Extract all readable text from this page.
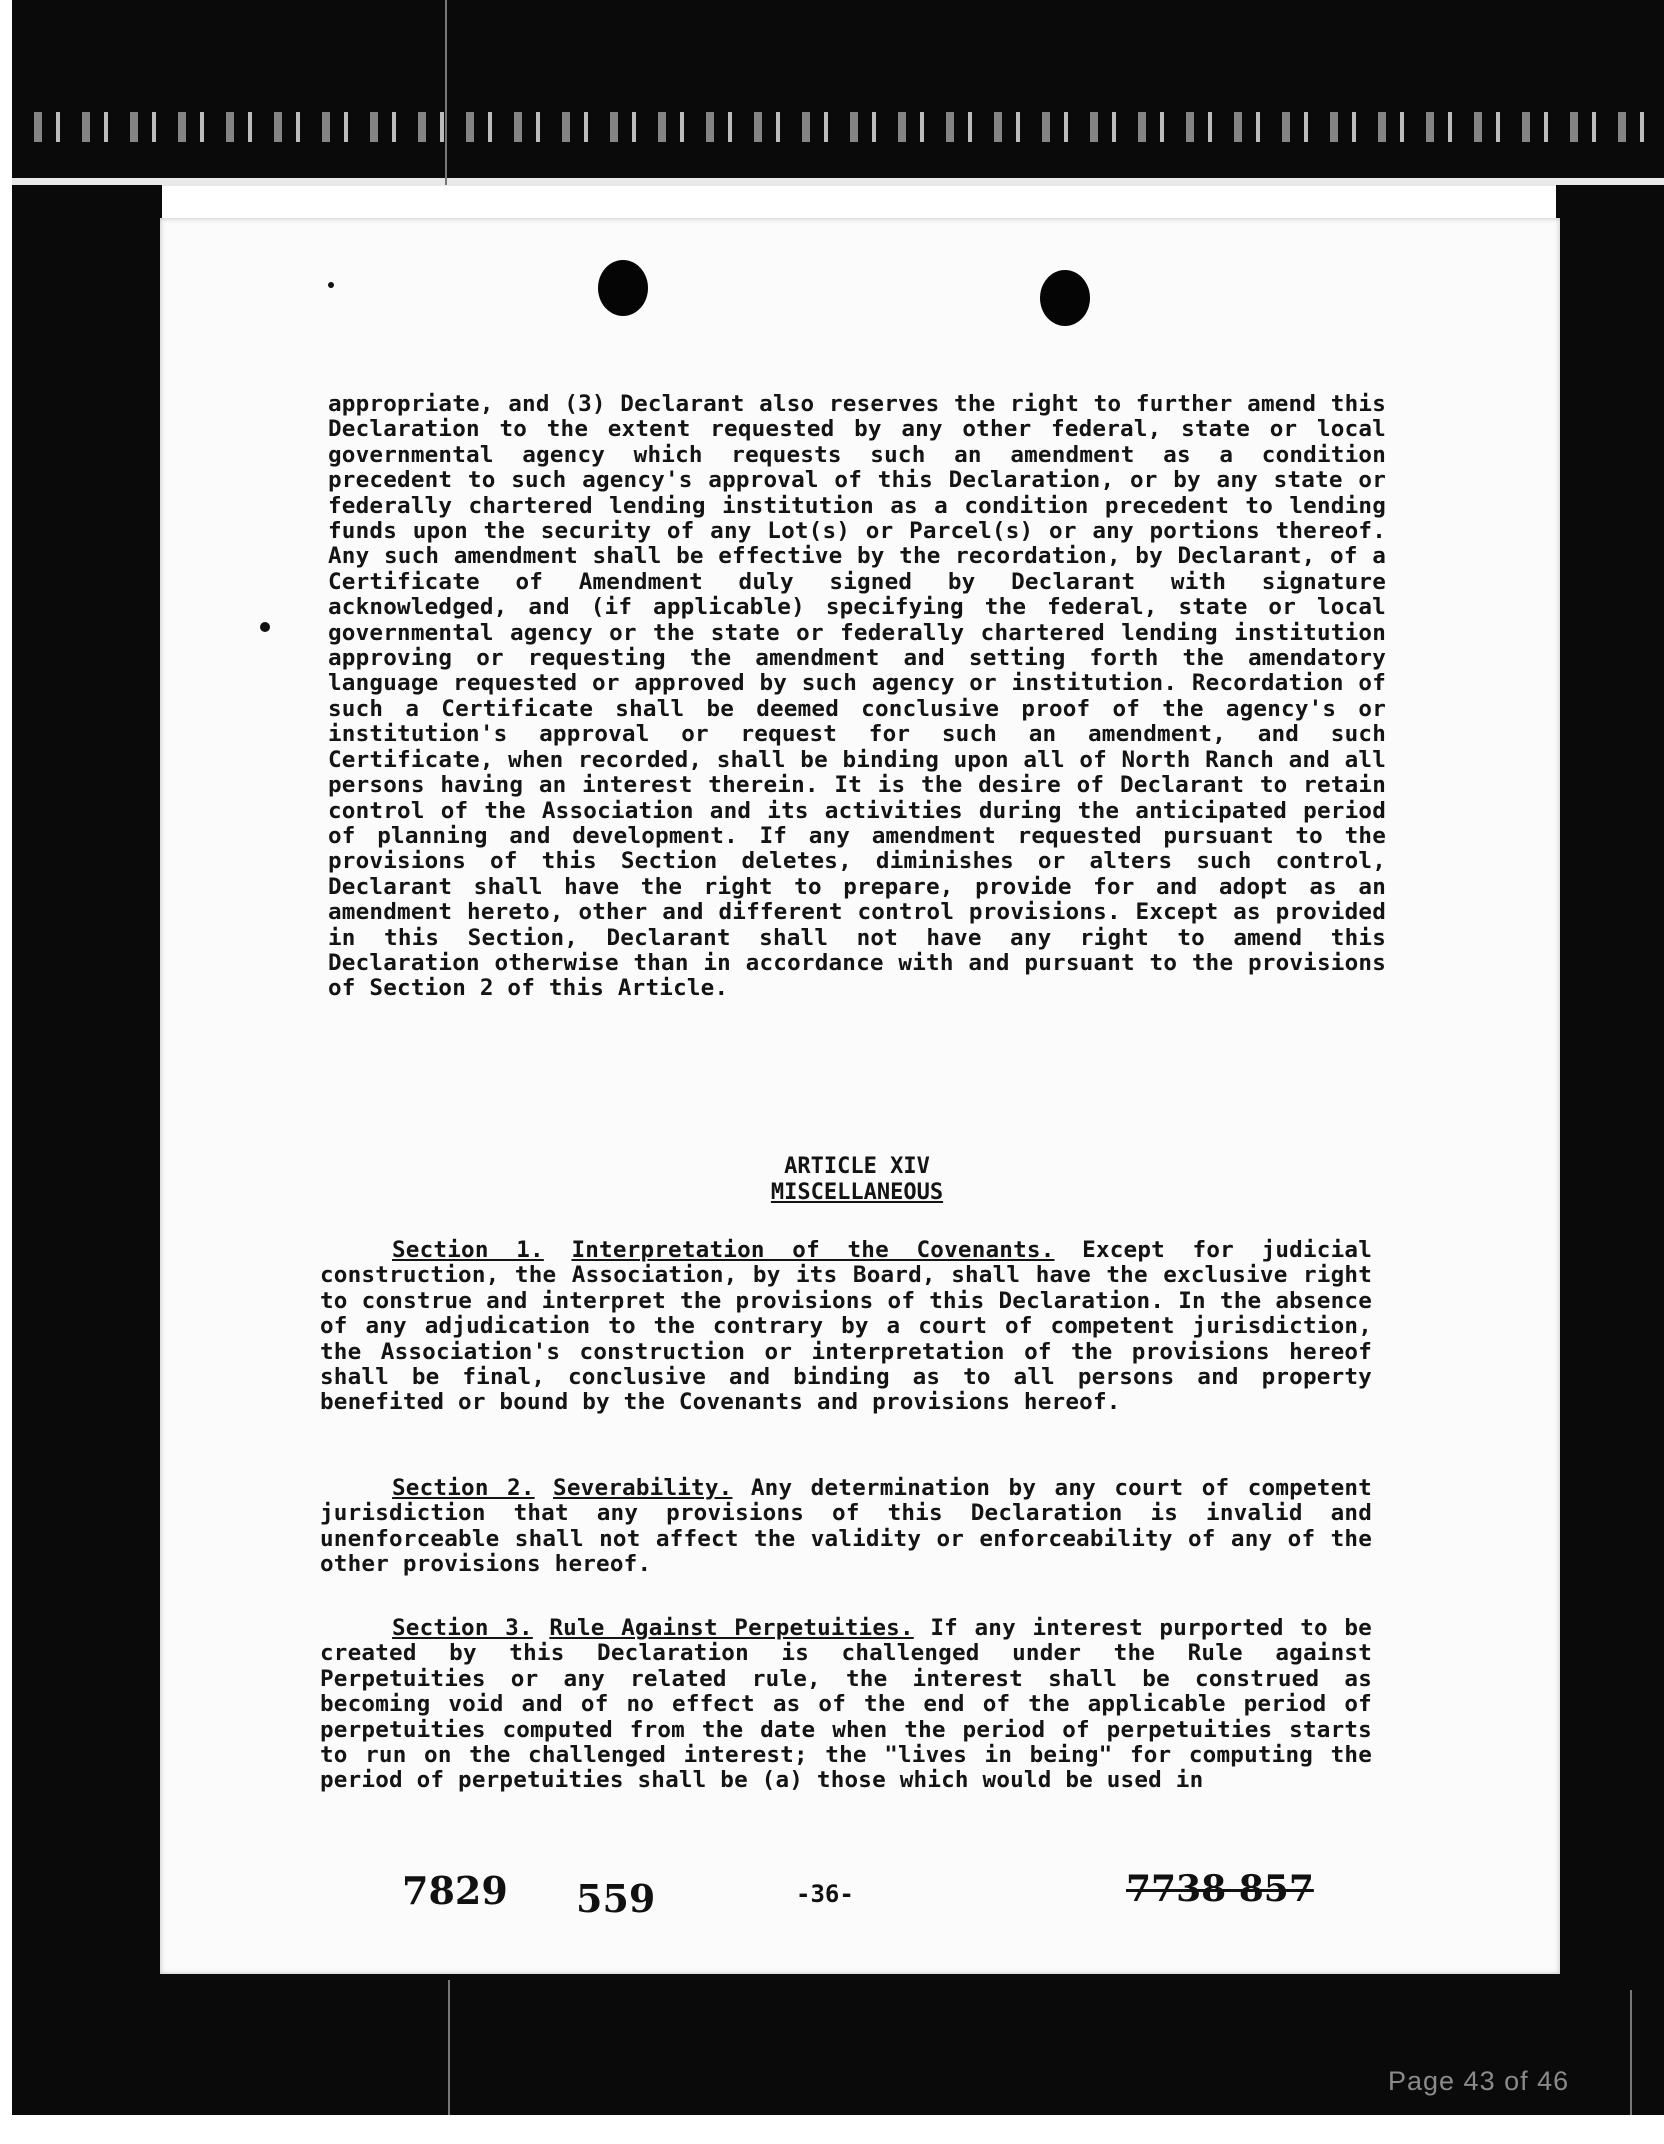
appropriate, and (3) Declarant also reserves the right to further amend this Declaration to the extent requested by any other federal, state or local governmental agency which requests such an amendment as a condition precedent to such agency's approval of this Declaration, or by any state or federally chartered lending institution as a condition precedent to lending funds upon the security of any Lot(s) or Parcel(s) or any portions thereof. Any such amendment shall be effective by the recordation, by Declarant, of a Certificate of Amendment duly signed by Declarant with signature acknowledged, and (if applicable) specifying the federal, state or local governmental agency or the state or federally chartered lending institution approving or requesting the amendment and setting forth the amendatory language requested or approved by such agency or institution. Recordation of such a Certificate shall be deemed conclusive proof of the agency's or institution's approval or request for such an amendment, and such Certificate, when recorded, shall be binding upon all of North Ranch and all persons having an interest therein. It is the desire of Declarant to retain control of the Association and its activities during the anticipated period of planning and development. If any amendment requested pursuant to the provisions of this Section deletes, diminishes or alters such control, Declarant shall have the right to prepare, provide for and adopt as an amendment hereto, other and different control provisions. Except as provided in this Section, Declarant shall not have any right to amend this Declaration otherwise than in accordance with and pursuant to the provisions of Section 2 of this Article.

ARTICLE XIV
MISCELLANEOUS

Section 1. Interpretation of the Covenants. Except for judicial construction, the Association, by its Board, shall have the exclusive right to construe and interpret the provisions of this Declaration. In the absence of any adjudication to the contrary by a court of competent jurisdiction, the Association's construction or interpretation of the provisions hereof shall be final, conclusive and binding as to all persons and property benefited or bound by the Covenants and provisions hereof.

Section 2. Severability. Any determination by any court of competent jurisdiction that any provisions of this Declaration is invalid and unenforceable shall not affect the validity or enforceability of any of the other provisions hereof.

Section 3. Rule Against Perpetuities. If any interest purported to be created by this Declaration is challenged under the Rule against Perpetuities or any related rule, the interest shall be construed as becoming void and of no effect as of the end of the applicable period of perpetuities computed from the date when the period of perpetuities starts to run on the challenged interest; the "lives in being" for computing the period of perpetuities shall be (a) those which would be used in

7829 559	-36-	7738 857
Page 43 of 46
